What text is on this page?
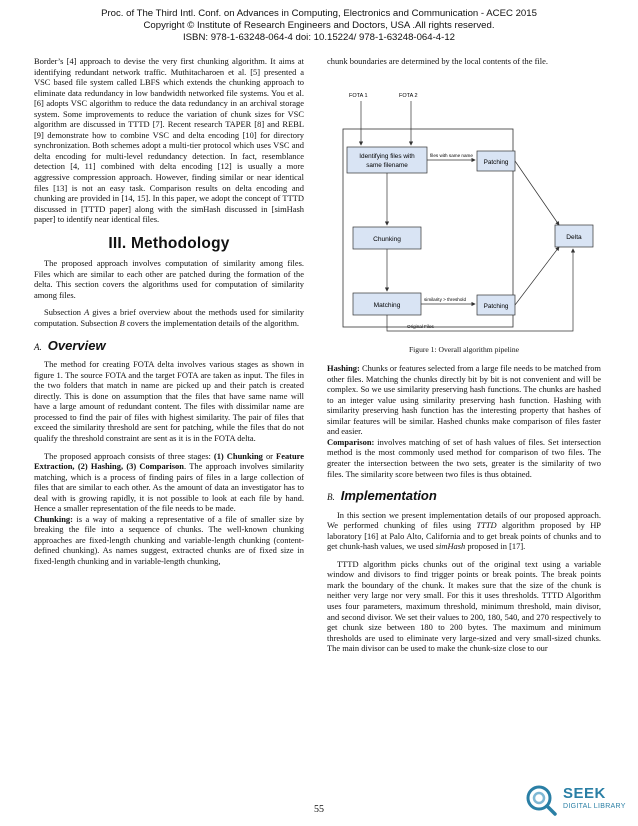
Proc. of The Third Intl. Conf. on Advances in Computing, Electronics and Communication - ACEC 2015
Copyright © Institute of Research Engineers and Doctors, USA .All rights reserved.
ISBN: 978-1-63248-064-4 doi: 10.15224/ 978-1-63248-064-4-12

Border’s [4] approach to devise the very first chunking algorithm. It aims at identifying redundant network traffic. Muthitacharoen et al. [5] presented a VSC based file system called LBFS which extends the chunking approach to eliminate data redundancy in low bandwidth networked file systems. You et al. [6] adopts VSC algorithm to reduce the data redundancy in an archival storage system. Some improvements to reduce the variation of chunk sizes for VSC algorithm are discussed in TTTD [7]. Recent research TAPER [8] and REBL [9] demonstrate how to combine VSC and delta encoding [10] for directory synchronization. Both schemes adopt a multi-tier protocol which uses VSC and delta encoding for multi-level redundancy detection. In fact, resemblance detection [4, 11] combined with delta encoding [12] is usually a more aggressive compression approach. However, finding similar or near identical files [13] is not an easy task. Comparison results on delta encoding and chunking are provided in [14, 15]. In this paper, we adopt the concept of TTTD discussed in [TTTD paper] along with the simHash discussed in [simHash paper] to identify near identical files.

III. Methodology

The proposed approach involves computation of similarity among files. Files which are similar to each other are patched during the formation of the delta. This section covers the algorithms used for computation of similarity among files.

Subsection A gives a brief overview about the methods used for similarity computation. Subsection B covers the implementation details of the algorithm.

A. Overview

The method for creating FOTA delta involves various stages as shown in figure 1. The source FOTA and the target FOTA are taken as input. The files in the two folders that match in name are picked up and their patch is created directly. This is done on assumption that the files that have same name will have a large amount of redundant content. The files with dissimilar name are processed to find the pair of files with highest similarity. The pair of files that exceed the similarity threshold are sent for patching, while the files that do not qualify the threshold constraint are sent as it is in the FOTA delta.

The proposed approach consists of three stages: (1) Chunking or Feature Extraction, (2) Hashing, (3) Comparison. The approach involves similarity matching, which is a process of finding pairs of files in a large collection of files that are similar to each other. As the amount of data an investigator has to deal with is growing rapidly, it is not possible to look at each file by hand. Hence a smaller representation of the file needs to be made.

Chunking: is a way of making a representative of a file of smaller size by breaking the file into a sequence of chunks. The well-known chunking approaches are fixed-length chunking and variable-length chunking (content-defined chunking). As names suggest, extracted chunks are of fixed size in fixed-length chunking and in variable-length chunking,

chunk boundaries are determined by the local contents of the file.

FOTA 1	FOTA 2
Identifying files with
same filename
files with same name
Patching
Chunking
Matching
similarity > threshold
Patching
Delta
Original Files
Figure 1: Overall algorithm pipeline

Hashing: Chunks or features selected from a large file needs to be matched from other files. Matching the chunks directly bit by bit is not convenient and will be complex. So we use similarity preserving hash functions. The chunks are hashed to an integer value using similarity preserving hash function. Hashing with similarity preserving hash function has the interesting property that hashes of similar features will be similar. Hashed chunks make comparison of files faster and easier.

Comparison: involves matching of set of hash values of files. Set intersection method is the most commonly used method for comparison of two files. The greater the intersection between the two sets, greater is the similarity of two files. The similarity score between two files is thus obtained.

B. Implementation

In this section we present implementation details of our proposed approach. We performed chunking of files using TTTD algorithm proposed by HP laboratory [16] at Palo Alto, California and to get break points of chunks and to get chunk-hash values, we used simHash proposed in [17].

TTTD algorithm picks chunks out of the original text using a variable window and divisors to find trigger points or break points. The break points mark the boundary of the chunk. It makes sure that the size of the chunk is neither very large nor very small. For this it uses thresholds. TTTD Algorithm uses four parameters, maximum threshold, minimum threshold, main divisor, and second divisor. We set their values to 200, 180, 540, and 270 respectively to get chunk size between 180 to 200 bytes. The maximum and minimum thresholds are used to eliminate very large-sized and very small-sized chunks. The main divisor can be used to make the chunk-size close to our

55
SEEK
DIGITAL LIBRARY
